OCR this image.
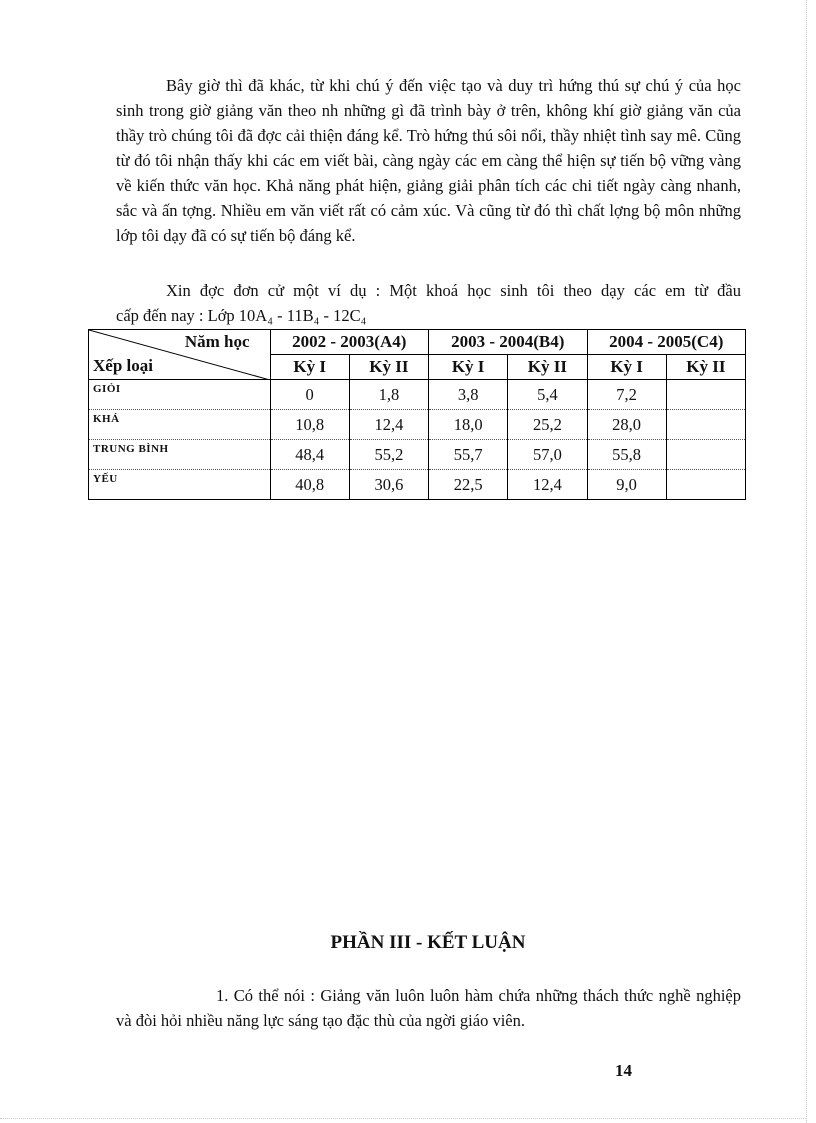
Bây giờ thì đã khác, từ khi chú ý đến việc tạo và duy trì hứng thú sự chú ý của học sinh trong giờ giảng văn theo nh những gì đã trình bày ở trên, không khí giờ giảng văn của thầy trò chúng tôi đã đợc cải thiện đáng kể. Trò hứng thú sôi nổi, thầy nhiệt tình say mê. Cũng từ đó tôi nhận thấy khi các em viết bài, càng ngày các em càng thể hiện sự tiến bộ vững vàng về kiến thức văn học. Khả năng phát hiện, giảng giải phân tích các chi tiết ngày càng nhanh, sắc và ấn tợng. Nhiều em văn viết rất có cảm xúc. Và cũng từ đó thì chất lợng bộ môn những lớp tôi dạy đã có sự tiến bộ đáng kể.

Xin đợc đơn cử một ví dụ : Một khoá học sinh tôi theo dạy các em từ đầu
cấp đến nay : Lớp 10A₄ - 11B₄ - 12C₄

Năm học
Xếp loại	2002 - 2003(A4)		2003 - 2004(B4)		2004 - 2005(C4)	
	Kỳ I	Kỳ II	Kỳ I	Kỳ II	Kỳ I	Kỳ II
GIỎI	0	1,8	3,8	5,4	7,2	
KHÁ	10,8	12,4	18,0	25,2	28,0	
TRUNG BÌNH	48,4	55,2	55,7	57,0	55,8	
YẾU	40,8	30,6	22,5	12,4	9,0	
PHẦN III - KẾT LUẬN

1. Có thể nói : Giảng văn luôn luôn hàm chứa những thách thức nghề nghiệp và đòi hỏi nhiều năng lực sáng tạo đặc thù của ngời giáo viên.

14
